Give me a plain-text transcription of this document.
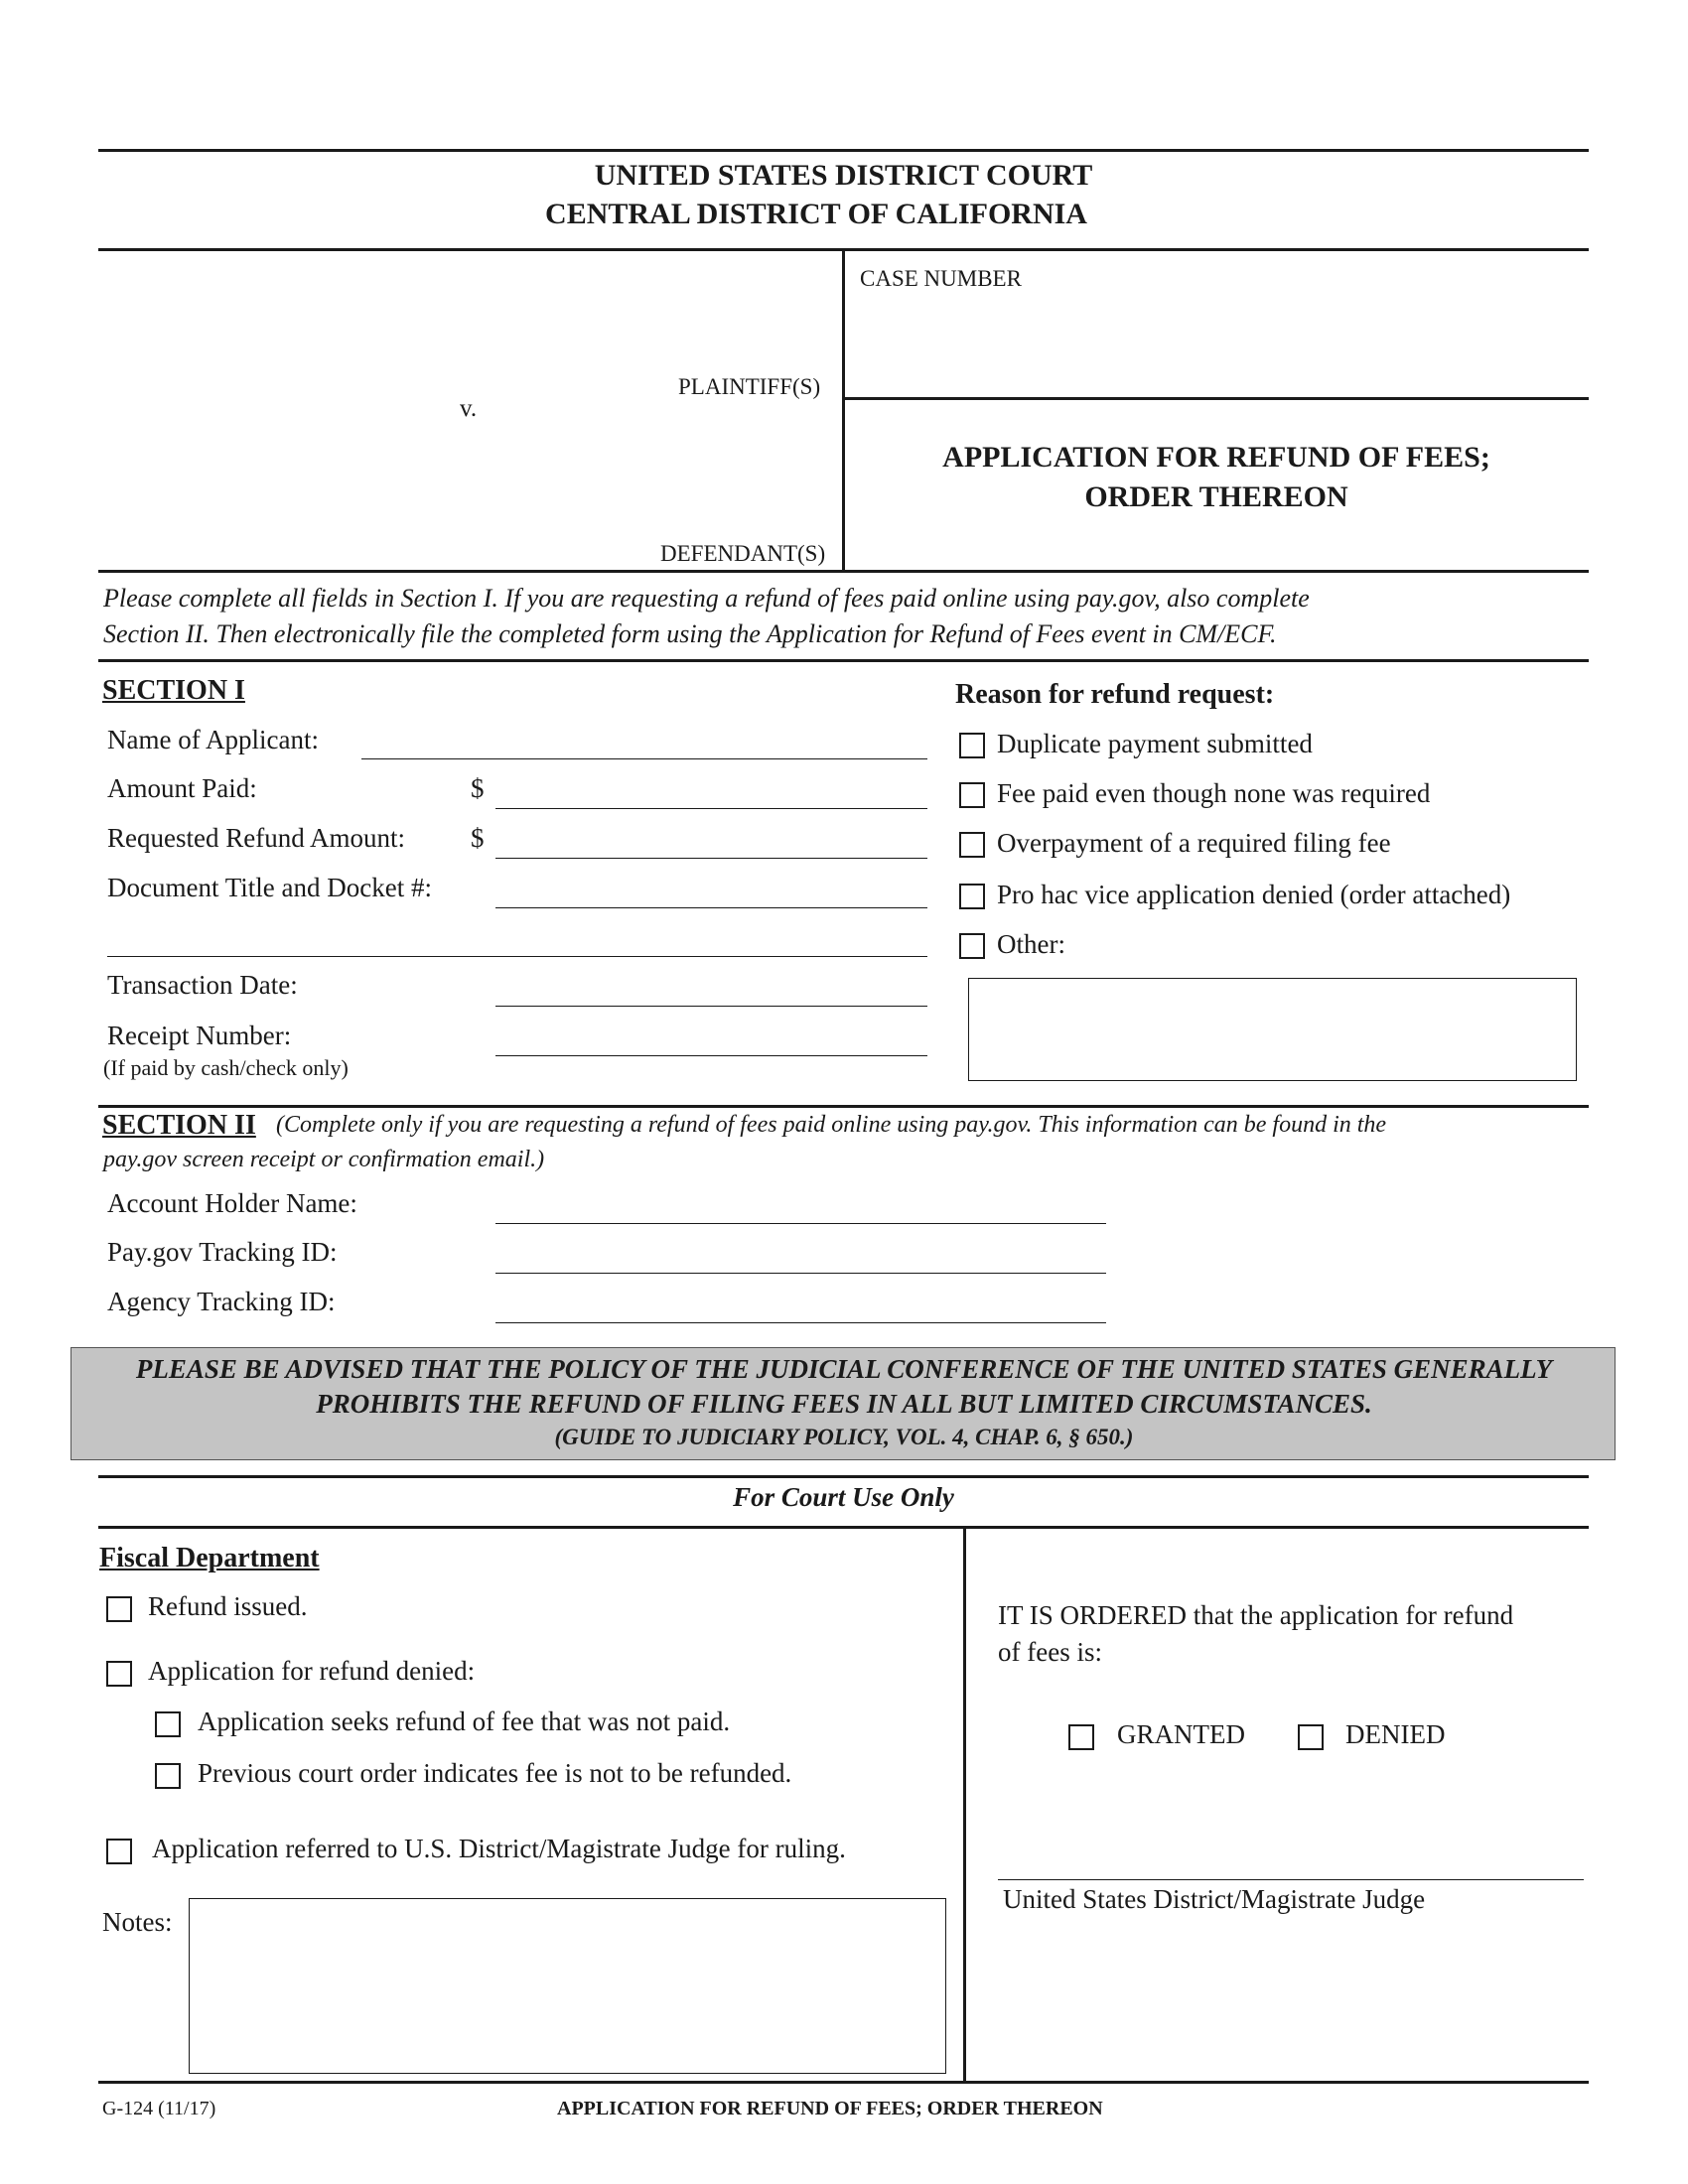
UNITED STATES DISTRICT COURT
CENTRAL DISTRICT OF CALIFORNIA
v.
PLAINTIFF(S)
DEFENDANT(S)
CASE NUMBER
APPLICATION FOR REFUND OF FEES;
ORDER THEREON
Please complete all fields in Section I. If you are requesting a refund of fees paid online using pay.gov, also complete
Section II. Then electronically file the completed form using the Application for Refund of Fees event in CM/ECF.
SECTION I
Name of Applicant:
Amount Paid:	$
Requested Refund Amount: $
Document Title and Docket #:
Transaction Date:
Receipt Number:
(If paid by cash/check only)
Reason for refund request:
Duplicate payment submitted
Fee paid even though none was required
Overpayment of a required filing fee
Pro hac vice application denied (order attached)
Other:
SECTION II (Complete only if you are requesting a refund of fees paid online using pay.gov. This information can be found in the
pay.gov screen receipt or confirmation email.)
Account Holder Name:
Pay.gov Tracking ID:
Agency Tracking ID:
PLEASE BE ADVISED THAT THE POLICY OF THE JUDICIAL CONFERENCE OF THE UNITED STATES GENERALLY
PROHIBITS THE REFUND OF FILING FEES IN ALL BUT LIMITED CIRCUMSTANCES.
(GUIDE TO JUDICIARY POLICY, VOL. 4, CHAP. 6, § 650.)
For Court Use Only
Fiscal Department
Refund issued.
Application for refund denied:
Application seeks refund of fee that was not paid.
Previous court order indicates fee is not to be refunded.
Application referred to U.S. District/Magistrate Judge for ruling.
Notes:
IT IS ORDERED that the application for refund
of fees is:
GRANTED	DENIED
United States District/Magistrate Judge
G-124 (11/17)	APPLICATION FOR REFUND OF FEES; ORDER THEREON
